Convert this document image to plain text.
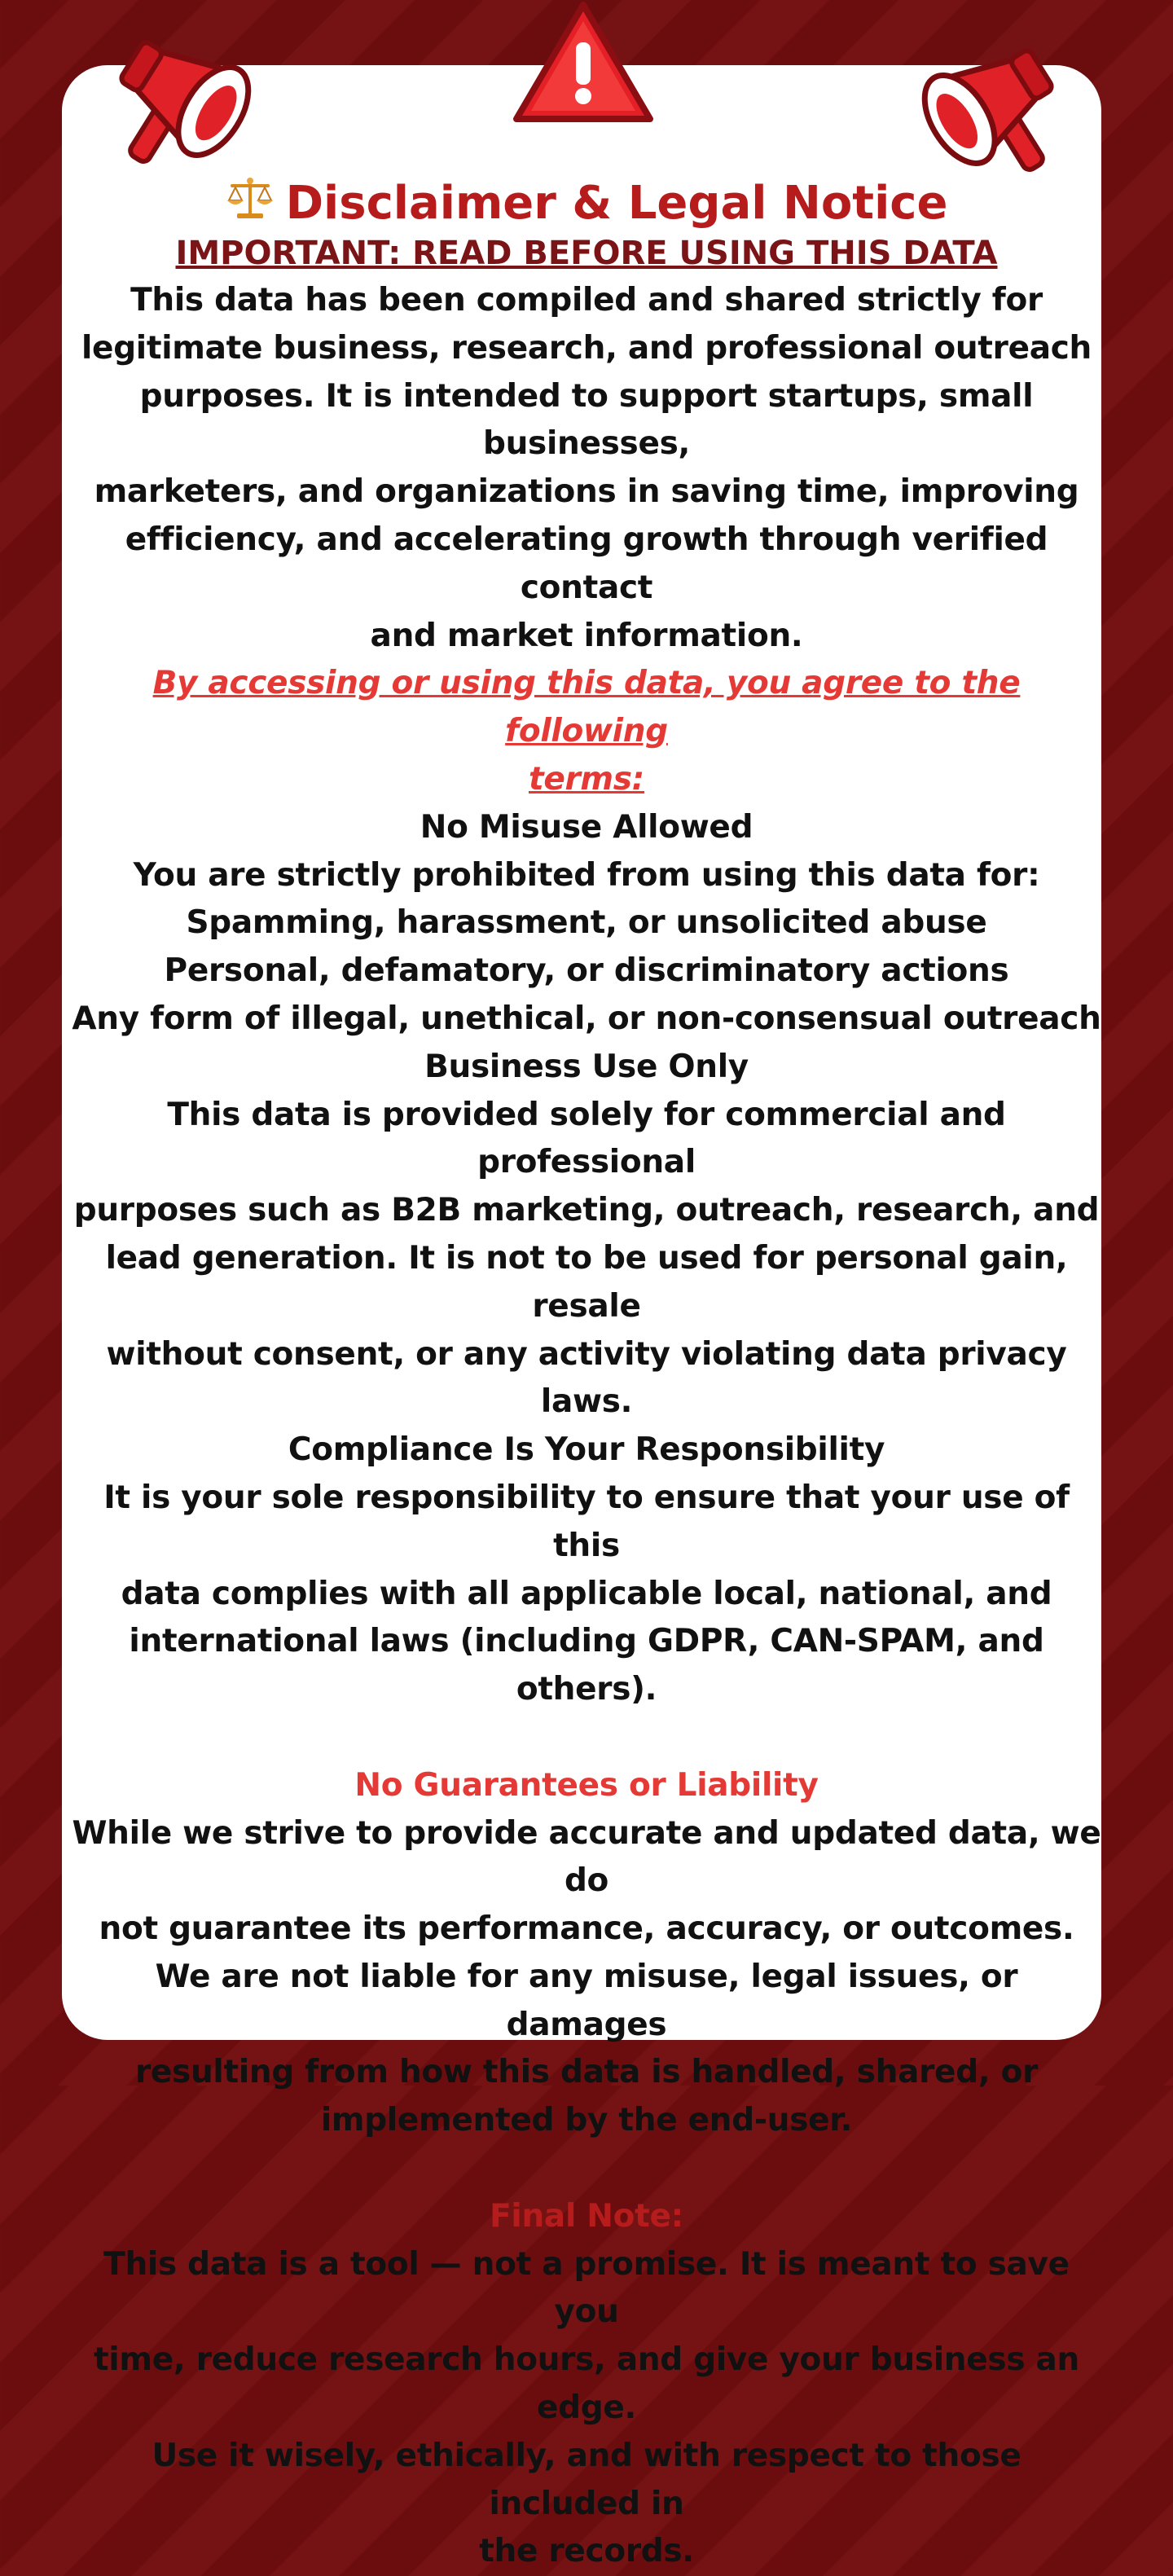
Disclaimer & Legal Notice
IMPORTANT: READ BEFORE USING THIS DATA
This data has been compiled and shared strictly for
legitimate business, research, and professional outreach
purposes. It is intended to support startups, small businesses,
marketers, and organizations in saving time, improving
efficiency, and accelerating growth through verified contact
and market information.
By accessing or using this data, you agree to the following
terms:
No Misuse Allowed
You are strictly prohibited from using this data for:
Spamming, harassment, or unsolicited abuse
Personal, defamatory, or discriminatory actions
Any form of illegal, unethical, or non-consensual outreach
Business Use Only
This data is provided solely for commercial and professional
purposes such as B2B marketing, outreach, research, and
lead generation. It is not to be used for personal gain, resale
without consent, or any activity violating data privacy laws.
Compliance Is Your Responsibility
It is your sole responsibility to ensure that your use of this
data complies with all applicable local, national, and
international laws (including GDPR, CAN-SPAM, and others).
No Guarantees or Liability
While we strive to provide accurate and updated data, we do
not guarantee its performance, accuracy, or outcomes.
We are not liable for any misuse, legal issues, or damages
resulting from how this data is handled, shared, or
implemented by the end-user.
Final Note:
This data is a tool — not a promise. It is meant to save you
time, reduce research hours, and give your business an edge.
Use it wisely, ethically, and with respect to those included in
the records.
